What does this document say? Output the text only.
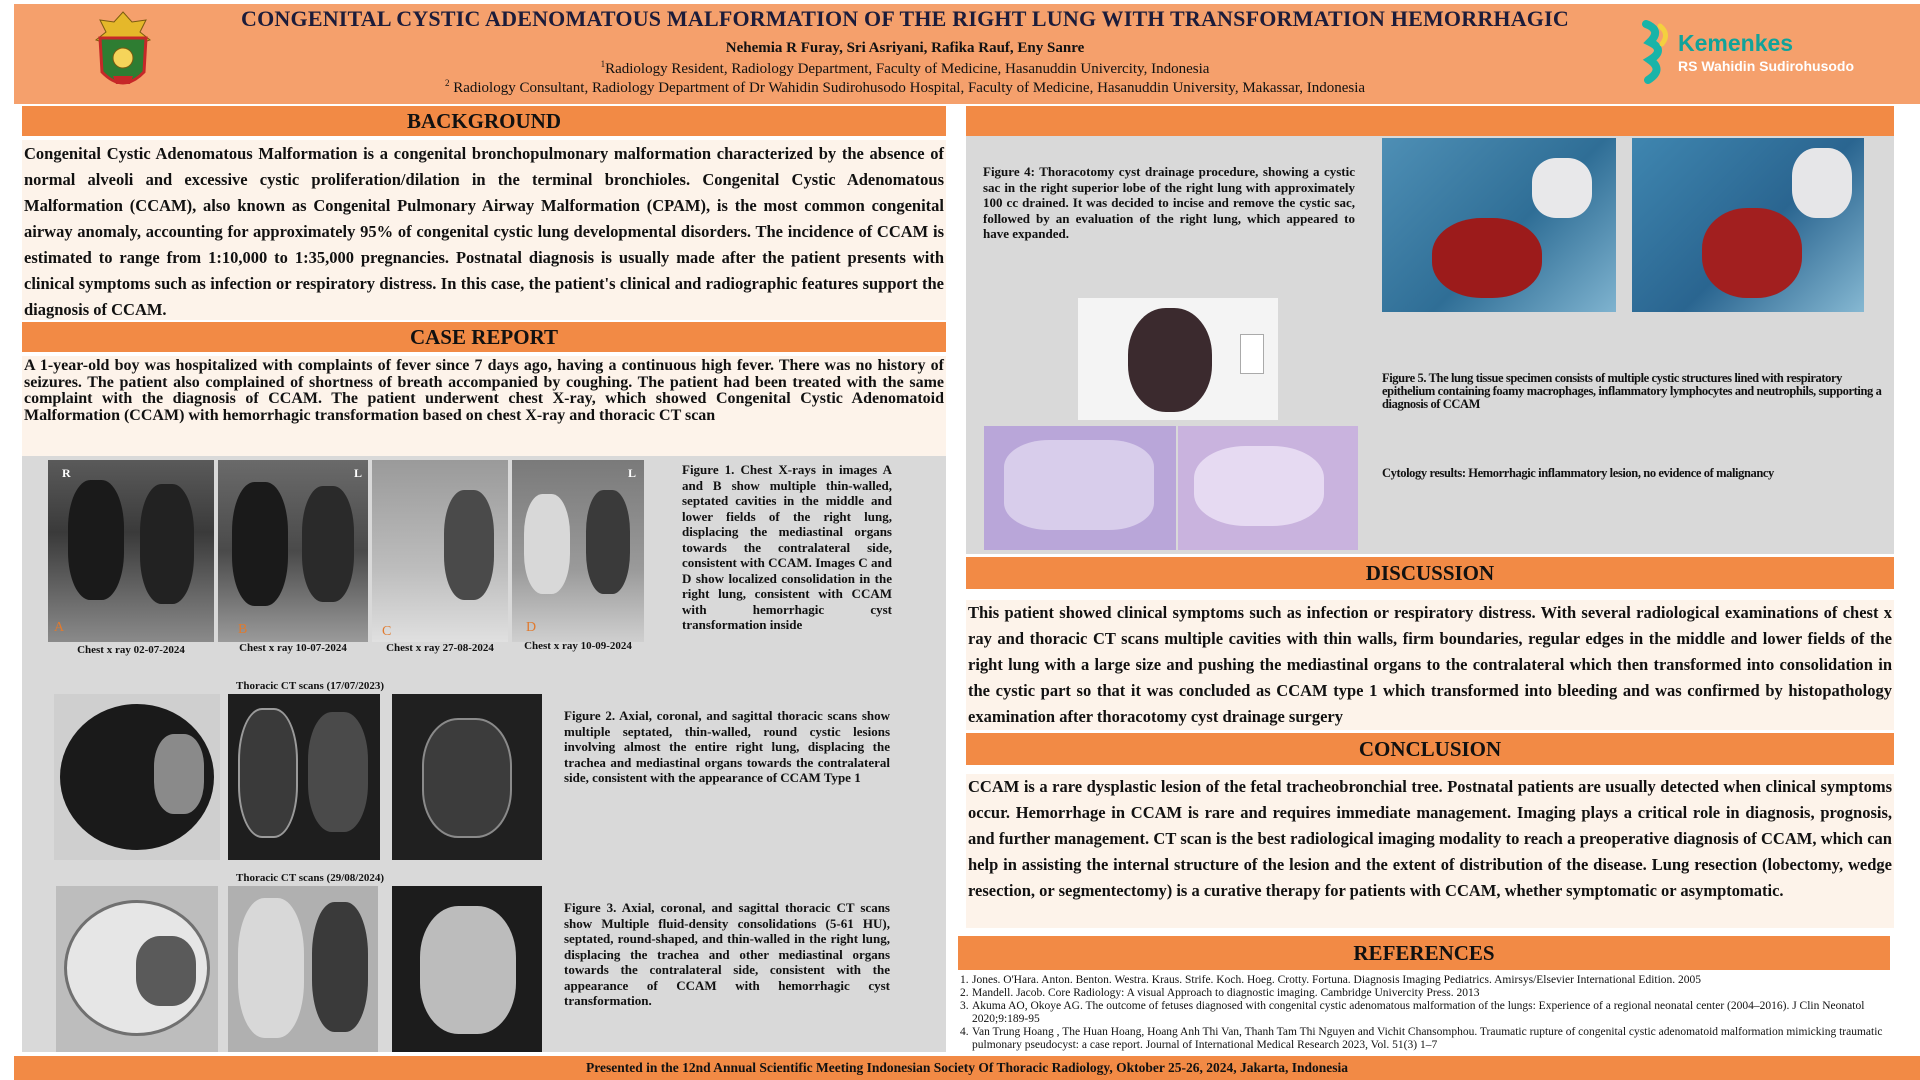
CONGENITAL CYSTIC ADENOMATOUS MALFORMATION OF THE RIGHT LUNG WITH TRANSFORMATION HEMORRHAGIC
Nehemia R Furay, Sri Asriyani, Rafika Rauf, Eny Sanre
$^1$Radiology Resident, Radiology Department, Faculty of Medicine, Hasanuddin Univercity, Indonesia
$^2$ Radiology Consultant, Radiology Department of Dr Wahidin Sudirohusodo Hospital, Faculty of Medicine, Hasanuddin University, Makassar, Indonesia
Kemenkes
RS Wahidin Sudirohusodo
BACKGROUND
Congenital Cystic Adenomatous Malformation is a congenital bronchopulmonary malformation characterized by the absence of normal alveoli and excessive cystic proliferation/dilation in the terminal bronchioles. Congenital Cystic Adenomatous Malformation (CCAM), also known as Congenital Pulmonary Airway Malformation (CPAM), is the most common congenital airway anomaly, accounting for approximately 95% of congenital cystic lung developmental disorders. The incidence of CCAM is estimated to range from 1:10,000 to 1:35,000 pregnancies. Postnatal diagnosis is usually made after the patient presents with clinical symptoms such as infection or respiratory distress. In this case, the patient's clinical and radiographic features support the diagnosis of CCAM.
CASE REPORT
A 1-year-old boy was hospitalized with complaints of fever since 7 days ago, having a continuous high fever. There was no history of seizures. The patient also complained of shortness of breath accompanied by coughing. The patient had been treated with the same complaint with the diagnosis of CCAM. The patient underwent chest X-ray, which showed Congenital Cystic Adenomatoid Malformation (CCAM) with hemorrhagic transformation based on chest X-ray and thoracic CT scan
R
A
L
B	C
L
D
Chest x ray 02-07-2024	Chest x ray 10-07-2024	Chest x ray 27-08-2024	Chest x ray 10-09-2024
Figure 1. Chest X-rays in images A and B show multiple thin-walled, septated cavities in the middle and lower fields of the right lung, displacing the mediastinal organs towards the contralateral side, consistent with CCAM. Images C and D show localized consolidation in the right lung, consistent with CCAM with hemorrhagic cyst transformation inside
Thoracic CT scans (17/07/2023)
Figure 2. Axial, coronal, and sagittal thoracic scans show multiple septated, thin-walled, round cystic lesions involving almost the entire right lung, displacing the trachea and mediastinal organs towards the contralateral side, consistent with the appearance of CCAM Type 1
Thoracic CT scans (29/08/2024)
Figure 3. Axial, coronal, and sagittal thoracic CT scans show Multiple fluid-density consolidations (5-61 HU), septated, round-shaped, and thin-walled in the right lung, displacing the trachea and other mediastinal organs towards the contralateral side, consistent with the appearance of CCAM with hemorrhagic cyst transformation.
Figure 4: Thoracotomy cyst drainage procedure, showing a cystic sac in the right superior lobe of the right lung with approximately 100 cc drained. It was decided to incise and remove the cystic sac, followed by an evaluation of the right lung, which appeared to have expanded.
Figure 5. The lung tissue specimen consists of multiple cystic structures lined with respiratory epithelium containing foamy macrophages, inflammatory lymphocytes and neutrophils, supporting a diagnosis of CCAM
Cytology results: Hemorrhagic inflammatory lesion, no evidence of malignancy
DISCUSSION
This patient showed clinical symptoms such as infection or respiratory distress. With several radiological examinations of chest x ray and thoracic CT scans multiple cavities with thin walls, firm boundaries, regular edges in the middle and lower fields of the right lung with a large size and pushing the mediastinal organs to the contralateral which then transformed into consolidation in the cystic part so that it was concluded as CCAM type 1 which transformed into bleeding and was confirmed by histopathology examination after thoracotomy cyst drainage surgery
CONCLUSION
CCAM is a rare dysplastic lesion of the fetal tracheobronchial tree. Postnatal patients are usually detected when clinical symptoms occur. Hemorrhage in CCAM is rare and requires immediate management. Imaging plays a critical role in diagnosis, prognosis, and further management. CT scan is the best radiological imaging modality to reach a preoperative diagnosis of CCAM, which can help in assisting the internal structure of the lesion and the extent of distribution of the disease. Lung resection (lobectomy, wedge resection, or segmentectomy) is a curative therapy for patients with CCAM, whether symptomatic or asymptomatic.
REFERENCES
1. Jones. O'Hara. Anton. Benton. Westra. Kraus. Strife. Koch. Hoeg. Crotty. Fortuna. Diagnosis Imaging Pediatrics. Amirsys/Elsevier International Edition. 2005
2. Mandell. Jacob. Core Radiology: A visual Approach to diagnostic imaging. Cambridge Univercity Press. 2013
3. Akuma AO, Okoye AG. The outcome of fetuses diagnosed with congenital cystic adenomatous malformation of the lungs: Experience of a regional neonatal center (2004–2016). J Clin Neonatol 2020;9:189-95
4. Van Trung Hoang , The Huan Hoang, Hoang Anh Thi Van, Thanh Tam Thi Nguyen and Vichit Chansomphou. Traumatic rupture of congenital cystic adenomatoid malformation mimicking traumatic pulmonary pseudocyst: a case report. Journal of International Medical Research 2023, Vol. 51(3) 1–7
Presented in the 12nd Annual Scientific Meeting Indonesian Society Of Thoracic Radiology, Oktober 25-26, 2024, Jakarta, Indonesia
